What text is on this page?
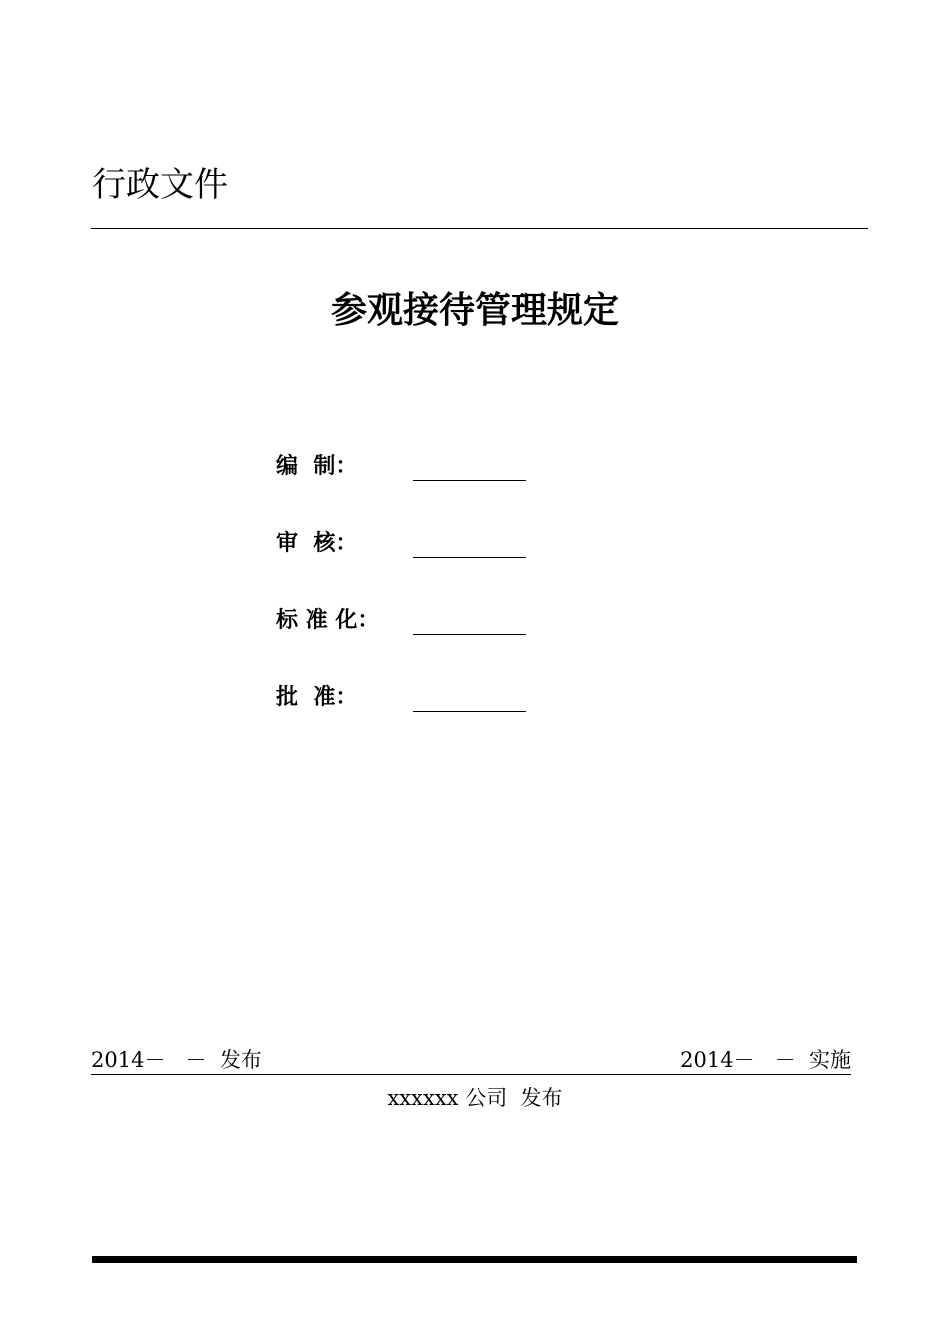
行政文件
参观接待管理规定
编  制：
审  核：
标 准 化：
批  准：
2014－   －  发布	2014－   －  实施
xxxxxx 公司  发布
